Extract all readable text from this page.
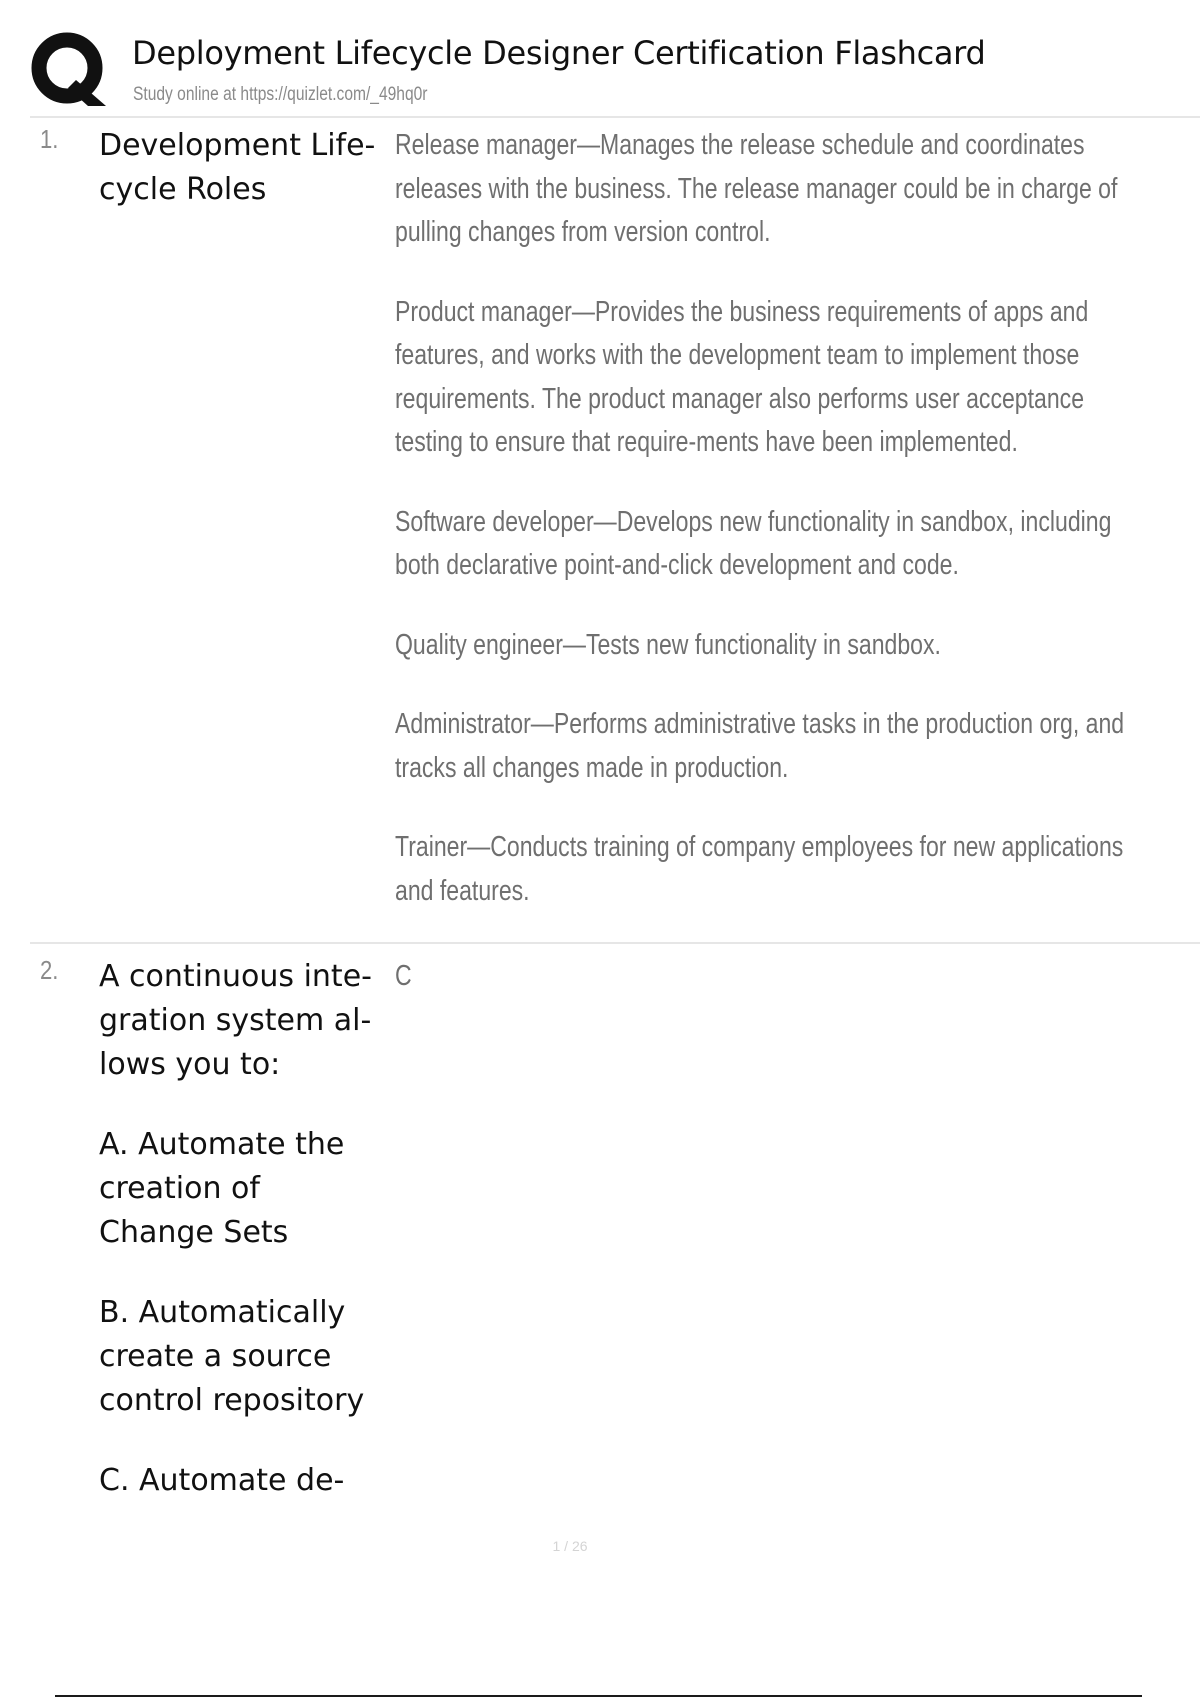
Deployment Lifecycle Designer Certification Flashcard
Study online at https://quizlet.com/_49hq0r
1. Development Life-cycle Roles

Release manager—Manages the release schedule and coordinates releases with the business. The release manager could be in charge of pulling changes from version control.

Product manager—Provides the business requirements of apps and features, and works with the development team to implement those requirements. The product manager also performs user acceptance testing to ensure that require-ments have been implemented.

Software developer—Develops new functionality in sandbox, including both declarative point-and-click development and code.

Quality engineer—Tests new functionality in sandbox.

Administrator—Performs administrative tasks in the production org, and tracks all changes made in production.

Trainer—Conducts training of company employees for new applications and features.

2. A continuous inte-gration system al-lows you to:

A. Automate the creation of Change Sets

B. Automatically create a source control repository

C. Automate de-

C

1 / 26
